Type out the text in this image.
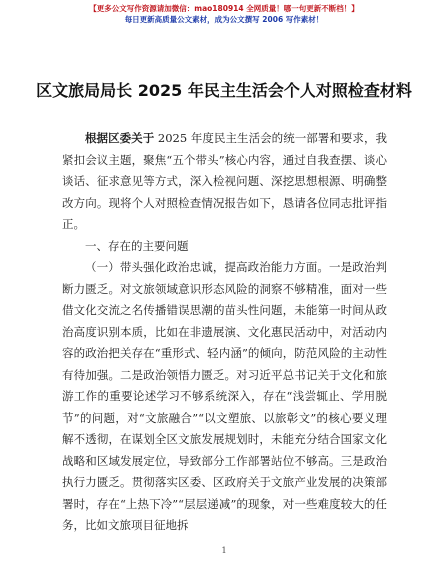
【更多公文写作资源请加微信：mao180914 全网质量！哪一句更新不断档！】
每日更新高质量公文素材，成为公文撰写 2006 写作素材！
区文旅局局长 2025 年民主生活会个人对照检查材料

根据区委关于 2025 年度民主生活会的统一部署和要求，我紧扣会议主题，聚焦“五个带头”核心内容，通过自我查摆、谈心谈话、征求意见等方式，深入检视问题、深挖思想根源、明确整改方向。现将个人对照检查情况报告如下，恳请各位同志批评指正。

一、存在的主要问题

（一）带头强化政治忠诚，提高政治能力方面。一是政治判断力匮乏。对文旅领域意识形态风险的洞察不够精准，面对一些借文化交流之名传播错误思潮的苗头性问题，未能第一时间从政治高度识别本质，比如在非遗展演、文化惠民活动中，对活动内容的政治把关存在“重形式、轻内涵”的倾向，防范风险的主动性有待加强。二是政治领悟力匮乏。对习近平总书记关于文化和旅游工作的重要论述学习不够系统深入，存在“浅尝辄止、学用脱节”的问题，对“文旅融合”“以文塑旅、以旅彰文”的核心要义理解不透彻，在谋划全区文旅发展规划时，未能充分结合国家文化战略和区域发展定位，导致部分工作部署站位不够高。三是政治执行力匮乏。贯彻落实区委、区政府关于文旅产业发展的决策部署时，存在“上热下冷”“层层递减”的现象，对一些难度较大的任务，比如文旅项目征地拆

1
